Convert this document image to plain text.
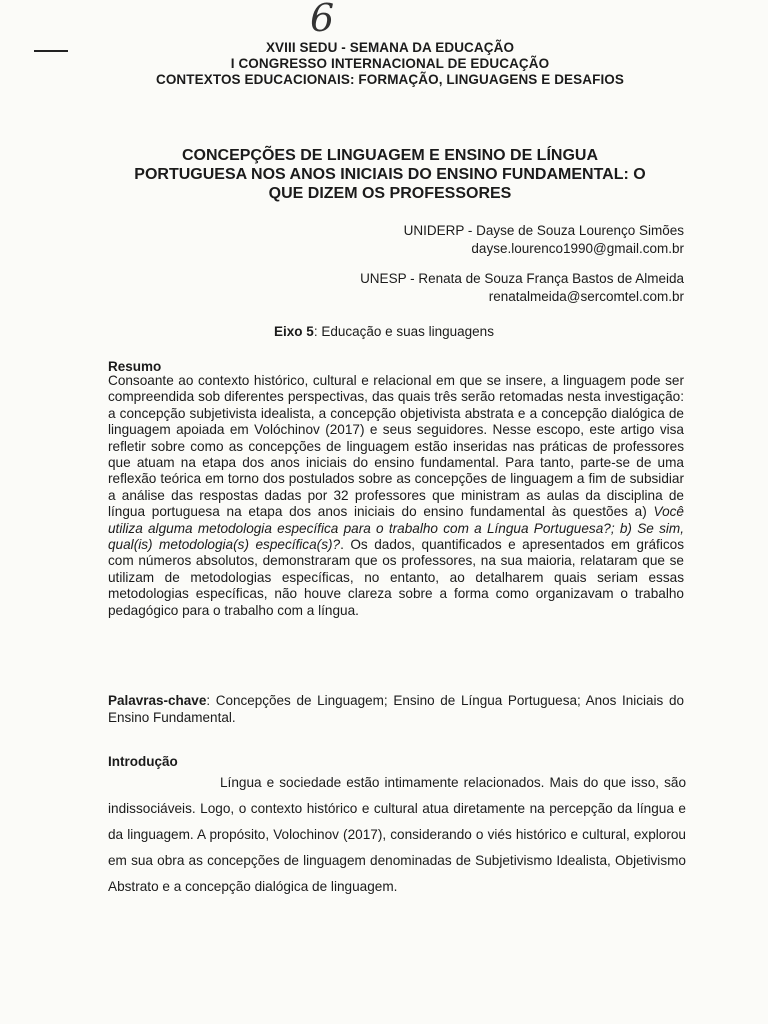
6
XVIII SEDU - SEMANA DA EDUCAÇÃO
I CONGRESSO INTERNACIONAL DE EDUCAÇÃO
CONTEXTOS EDUCACIONAIS: FORMAÇÃO, LINGUAGENS E DESAFIOS
CONCEPÇÕES DE LINGUAGEM E ENSINO DE LÍNGUA
PORTUGUESA NOS ANOS INICIAIS DO ENSINO FUNDAMENTAL: O
QUE DIZEM OS PROFESSORES
UNIDERP - Dayse de Souza Lourenço Simões
dayse.lourenco1990@gmail.com.br
UNESP - Renata de Souza França Bastos de Almeida
renatalmeida@sercomtel.com.br
Eixo 5: Educação e suas linguagens
Resumo
Consoante ao contexto histórico, cultural e relacional em que se insere, a linguagem pode ser compreendida sob diferentes perspectivas, das quais três serão retomadas nesta investigação: a concepção subjetivista idealista, a concepção objetivista abstrata e a concepção dialógica de linguagem apoiada em Volóchinov (2017) e seus seguidores. Nesse escopo, este artigo visa refletir sobre como as concepções de linguagem estão inseridas nas práticas de professores que atuam na etapa dos anos iniciais do ensino fundamental. Para tanto, parte-se de uma reflexão teórica em torno dos postulados sobre as concepções de linguagem a fim de subsidiar a análise das respostas dadas por 32 professores que ministram as aulas da disciplina de língua portuguesa na etapa dos anos iniciais do ensino fundamental às questões a) Você utiliza alguma metodologia específica para o trabalho com a Língua Portuguesa?; b) Se sim, qual(is) metodologia(s) específica(s)?. Os dados, quantificados e apresentados em gráficos com números absolutos, demonstraram que os professores, na sua maioria, relataram que se utilizam de metodologias específicas, no entanto, ao detalharem quais seriam essas metodologias específicas, não houve clareza sobre a forma como organizavam o trabalho pedagógico para o trabalho com a língua.
Palavras-chave: Concepções de Linguagem; Ensino de Língua Portuguesa; Anos Iniciais do Ensino Fundamental.
Introdução
Língua e sociedade estão intimamente relacionados. Mais do que isso, são indissociáveis. Logo, o contexto histórico e cultural atua diretamente na percepção da língua e da linguagem. A propósito, Volochinov (2017), considerando o viés histórico e cultural, explorou em sua obra as concepções de linguagem denominadas de Subjetivismo Idealista, Objetivismo Abstrato e a concepção dialógica de linguagem.
